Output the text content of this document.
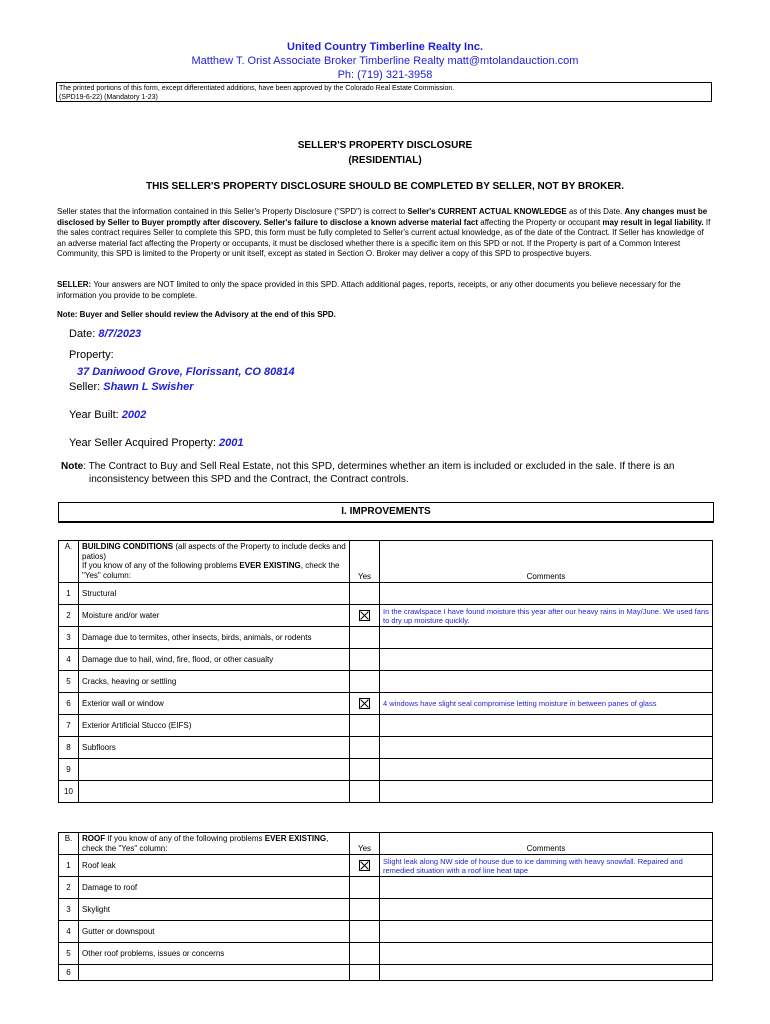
United Country Timberline Realty Inc.
Matthew T. Orist Associate Broker Timberline Realty matt@mtolandauction.com
Ph: (719) 321-3958
The printed portions of this form, except differentiated additions, have been approved by the Colorado Real Estate Commission.
(SPD19-6-22) (Mandatory 1-23)
SELLER'S PROPERTY DISCLOSURE
(RESIDENTIAL)
THIS SELLER'S PROPERTY DISCLOSURE SHOULD BE COMPLETED BY SELLER, NOT BY BROKER.
Seller states that the information contained in this Seller's Property Disclosure ("SPD") is correct to Seller's CURRENT ACTUAL KNOWLEDGE as of this Date. Any changes must be disclosed by Seller to Buyer promptly after discovery. Seller's failure to disclose a known adverse material fact affecting the Property or occupant may result in legal liability. If the sales contract requires Seller to complete this SPD, this form must be fully completed to Seller's current actual knowledge, as of the date of the Contract. If Seller has knowledge of an adverse material fact affecting the Property or occupants, it must be disclosed whether there is a specific item on this SPD or not. If the Property is part of a Common Interest Community, this SPD is limited to the Property or unit itself, except as stated in Section O. Broker may deliver a copy of this SPD to prospective buyers.
SELLER: Your answers are NOT limited to only the space provided in this SPD. Attach additional pages, reports, receipts, or any other documents you believe necessary for the information you provide to be complete.
Note: Buyer and Seller should review the Advisory at the end of this SPD.
Date: 8/7/2023
Property:
37 Daniwood Grove, Florissant, CO 80814
Seller: Shawn L Swisher
Year Built: 2002
Year Seller Acquired Property: 2001
Note: The Contract to Buy and Sell Real Estate, not this SPD, determines whether an item is included or excluded in the sale. If there is an
inconsistency between this SPD and the Contract, the Contract controls.
I. IMPROVEMENTS
A.	BUILDING CONDITIONS (all aspects of the Property to include decks and patios)
If you know of any of the following problems EVER EXISTING, check the "Yes" column:	Yes	Comments
1	Structural		
2	Moisture and/or water		In the crawlspace I have found moisture this year after our heavy rains in May/June. We used fans to dry up moisture quickly.
3	Damage due to termites, other insects, birds, animals, or rodents		
4	Damage due to hail, wind, fire, flood, or other casualty		
5	Cracks, heaving or settling		
6	Exterior wall or window		4 windows have slight seal compromise letting moisture in between panes of glass
7	Exterior Artificial Stucco (EIFS)		
8	Subfloors		
9			
10			
B.	ROOF If you know of any of the following problems EVER EXISTING, check the "Yes" column:	Yes	Comments
1	Roof leak		Slight leak along NW side of house due to ice damming with heavy snowfall. Repaired and remedied situation with a roof line heat tape
2	Damage to roof		
3	Skylight		
4	Gutter or downspout		
5	Other roof problems, issues or concerns		
6			
